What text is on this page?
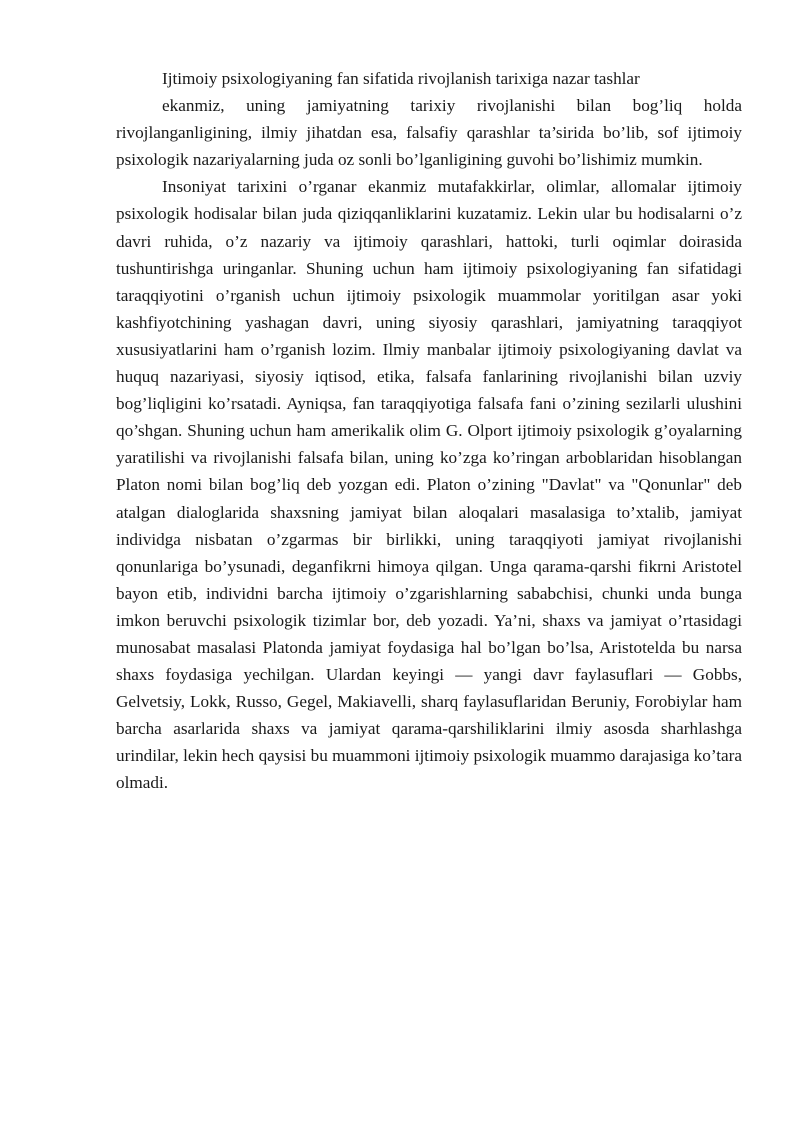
Ijtimoiy psixologiyaning fan sifatida rivojlanish tarixiga nazar tashlar

ekanmiz, uning jamiyatning tarixiy rivojlanishi bilan bog’liq holda rivojlanganligining, ilmiy jihatdan esa, falsafiy qarashlar ta’sirida bo’lib, sof ijtimoiy psixologik nazariyalarning juda oz sonli bo’lganligining guvohi bo’lishimiz mumkin.

Insoniyat tarixini o’rganar ekanmiz mutafakkirlar, olimlar, allomalar ijtimoiy psixologik hodisalar bilan juda qiziqqanliklarini kuzatamiz. Lekin ular bu hodisalarni o’z davri ruhida, o’z nazariy va ijtimoiy qarashlari, hattoki, turli oqimlar doirasida tushuntirishga uringanlar. Shuning uchun ham ijtimoiy psixologiyaning fan sifatidagi taraqqiyotini o’rganish uchun ijtimoiy psixologik muammolar yoritilgan asar yoki kashfiyotchining yashagan davri, uning siyosiy qarashlari, jamiyatning taraqqiyot xususiyatlarini ham o’rganish lozim. Ilmiy manbalar ijtimoiy psixologiyaning davlat va huquq nazariyasi, siyosiy iqtisod, etika, falsafa fanlarining rivojlanishi bilan uzviy bog’liqligini ko’rsatadi. Ayniqsa, fan taraqqiyotiga falsafa fani o’zining sezilarli ulushini qo’shgan. Shuning uchun ham amerikalik olim G. Olport ijtimoiy psixologik g’oyalarning yaratilishi va rivojlanishi falsafa bilan, uning ko’zga ko’ringan arboblaridan hisoblangan Platon nomi bilan bog’liq deb yozgan edi. Platon o’zining "Davlat" va "Qonunlar" deb atalgan dialoglarida shaxsning jamiyat bilan aloqalari masalasiga to’xtalib, jamiyat individga nisbatan o’zgarmas bir birlikki, uning taraqqiyoti jamiyat rivojlanishi qonunlariga bo’ysunadi, deganfikrni himoya qilgan. Unga qarama-qarshi fikrni Aristotel bayon etib, individni barcha ijtimoiy o’zgarishlarning sababchisi, chunki unda bunga imkon beruvchi psixologik tizimlar bor, deb yozadi. Ya’ni, shaxs va jamiyat o’rtasidagi munosabat masalasi Platonda jamiyat foydasiga hal bo’lgan bo’lsa, Aristotelda bu narsa shaxs foydasiga yechilgan. Ulardan keyingi — yangi davr faylasuflari — Gobbs, Gelvetsiy, Lokk, Russo, Gegel, Makiavelli, sharq faylasuflaridan Beruniy, Forobiylar ham barcha asarlarida shaxs va jamiyat qarama-qarshiliklarini ilmiy asosda sharhlashga urindilar, lekin hech qaysisi bu muammoni ijtimoiy psixologik muammo darajasiga ko’tara olmadi.
